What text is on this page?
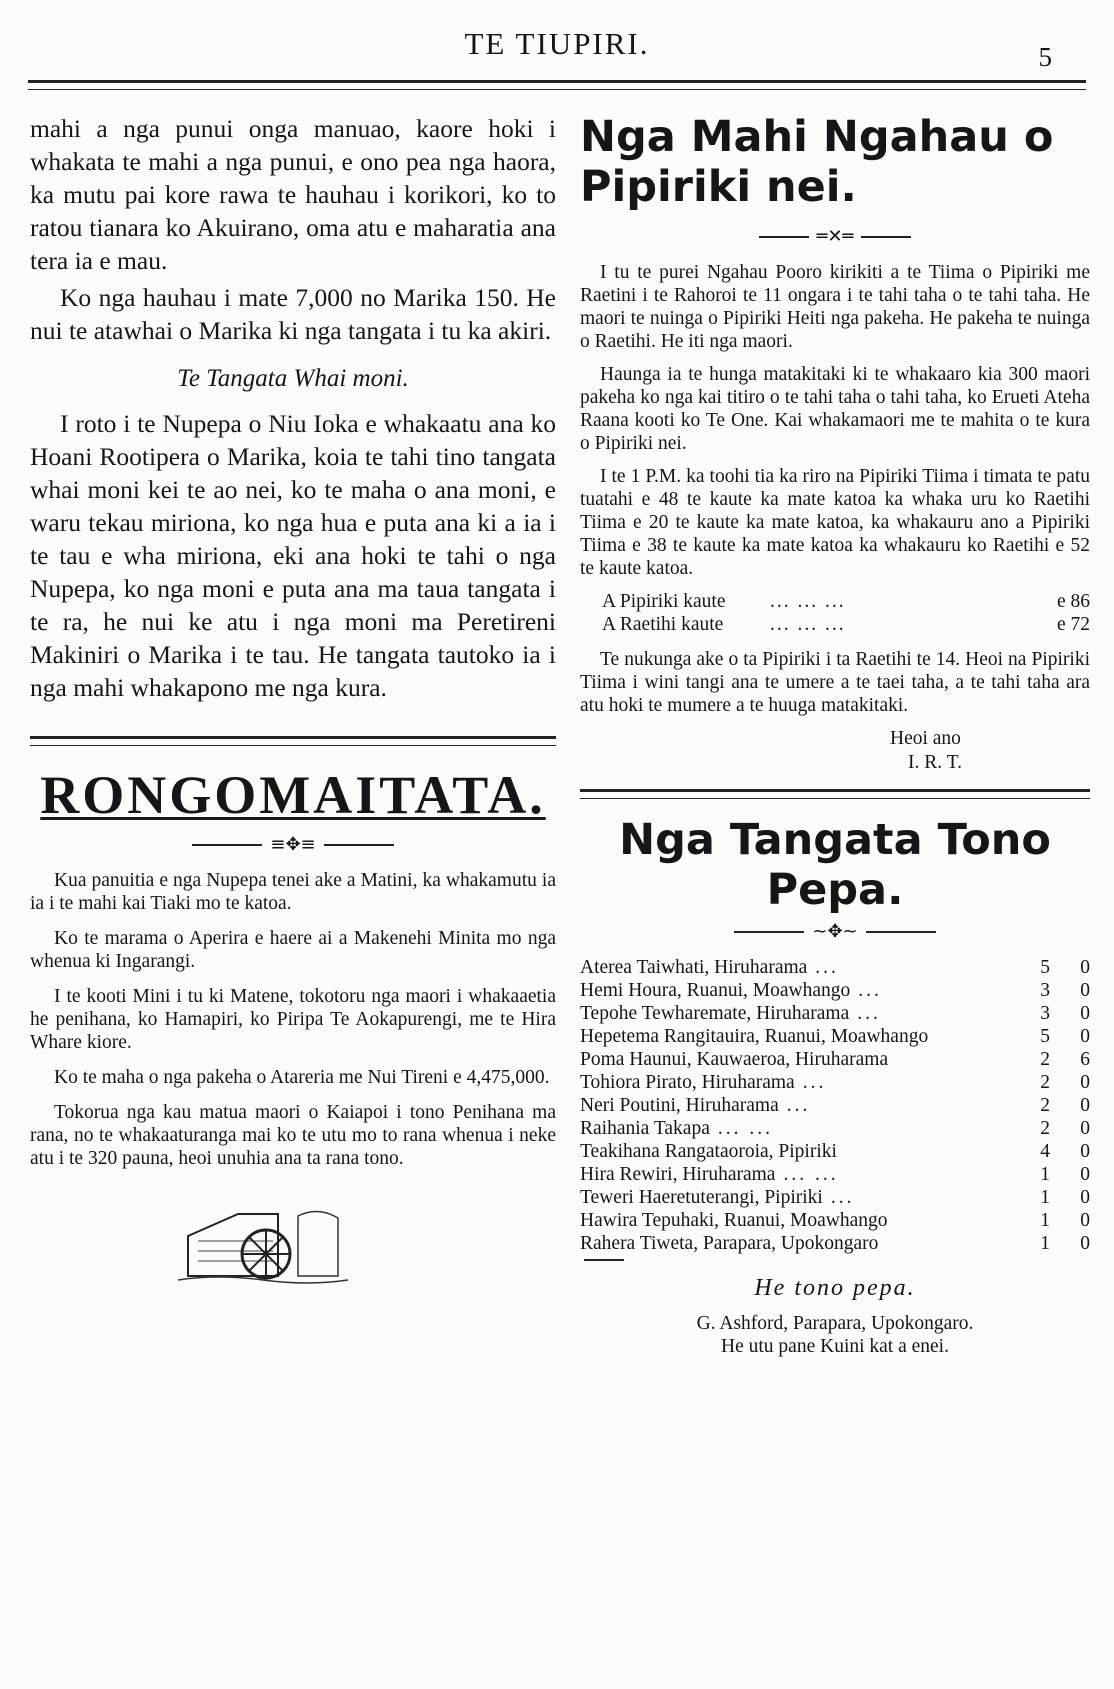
TE TIUPIRI.	5

mahi a nga punui onga manuao, kaore hoki i whakata te mahi a nga punui, e ono pea nga haora, ka mutu pai kore rawa te hauhau i korikori, ko to ratou tianara ko Akuirano, oma atu e maharatia ana tera ia e mau.

Ko nga hauhau i mate 7,000 no Marika 150. He nui te atawhai o Marika ki nga tangata i tu ka akiri.

Te Tangata Whai moni.

I roto i te Nupepa o Niu Ioka e whakaatu ana ko Hoani Rootipera o Marika, koia te tahi tino tangata whai moni kei te ao nei, ko te maha o ana moni, e waru tekau miriona, ko nga hua e puta ana ki a ia i te tau e wha miriona, eki ana hoki te tahi o nga Nupepa, ko nga moni e puta ana ma taua tangata i te ra, he nui ke atu i nga moni ma Peretireni Makiniri o Marika i te tau. He tangata tautoko ia i nga mahi whakapono me nga kura.

RONGOMAITATA.
≡✥≡

Kua panuitia e nga Nupepa tenei ake a Matini, ka whakamutu ia ia i te mahi kai Tiaki mo te katoa.

Ko te marama o Aperira e haere ai a Makenehi Minita mo nga whenua ki Ingarangi.

I te kooti Mini i tu ki Matene, tokotoru nga maori i whakaaetia he penihana, ko Hamapiri, ko Piripa Te Aokapurengi, me te Hira Whare kiore.

Ko te maha o nga pakeha o Atareria me Nui Tireni e 4,475,000.

Tokorua nga kau matua maori o Kaiapoi i tono Penihana ma rana, no te whakaaturanga mai ko te utu mo to rana whenua i neke atu i te 320 pauna, heoi unuhia ana ta rana tono.

Nga Mahi Ngahau o Pipiriki nei.
═✕═

I tu te purei Ngahau Pooro kirikiti a te Tiima o Pipiriki me Raetini i te Rahoroi te 11 ongara i te tahi taha o te tahi taha. He maori te nuinga o Pipiriki Heiti nga pakeha. He pakeha te nuinga o Raetihi. He iti nga maori.

Haunga ia te hunga matakitaki ki te whakaaro kia 300 maori pakeha ko nga kai titiro o te tahi taha o tahi taha, ko Erueti Ateha Raana kooti ko Te One. Kai whakamaori me te mahita o te kura o Pipiriki nei.

I te 1 P.M. ka toohi tia ka riro na Pipiriki Tiima i timata te patu tuatahi e 48 te kaute ka mate katoa ka whaka uru ko Raetihi Tiima e 20 te kaute ka mate katoa, ka whakauru ano a Pipiriki Tiima e 38 te kaute ka mate katoa ka whakauru ko Raetihi e 52 te kaute katoa.

A Pipiriki kaute	... ... ...	e 86
A Raetihi kaute	... ... ...	e 72

Te nukunga ake o ta Pipiriki i ta Raetihi te 14. Heoi na Pipiriki Tiima i wini tangi ana te umere a te taei taha, a te tahi taha ara atu hoki te mumere a te huuga matakitaki.

Heoi ano
I. R. T.
Nga Tangata Tono Pepa.
~✥~
Aterea Taiwhati, Hiruharama ...	5	0
Hemi Houra, Ruanui, Moawhango ...	3	0
Tepohe Tewharemate, Hiruharama ...	3	0
Hepetema Rangitauira, Ruanui, Moawhango	5	0
Poma Haunui, Kauwaeroa, Hiruharama	2	6
Tohiora Pirato, Hiruharama ...	2	0
Neri Poutini, Hiruharama ...	2	0
Raihania Takapa ... ...	2	0
Teakihana Rangataoroia, Pipiriki	4	0
Hira Rewiri, Hiruharama ... ...	1	0
Teweri Haeretuterangi, Pipiriki ...	1	0
Hawira Tepuhaki, Ruanui, Moawhango	1	0
Rahera Tiweta, Parapara, Upokongaro	1	0
He tono pepa.

G. Ashford, Parapara, Upokongaro.

He utu pane Kuini kat a enei.
